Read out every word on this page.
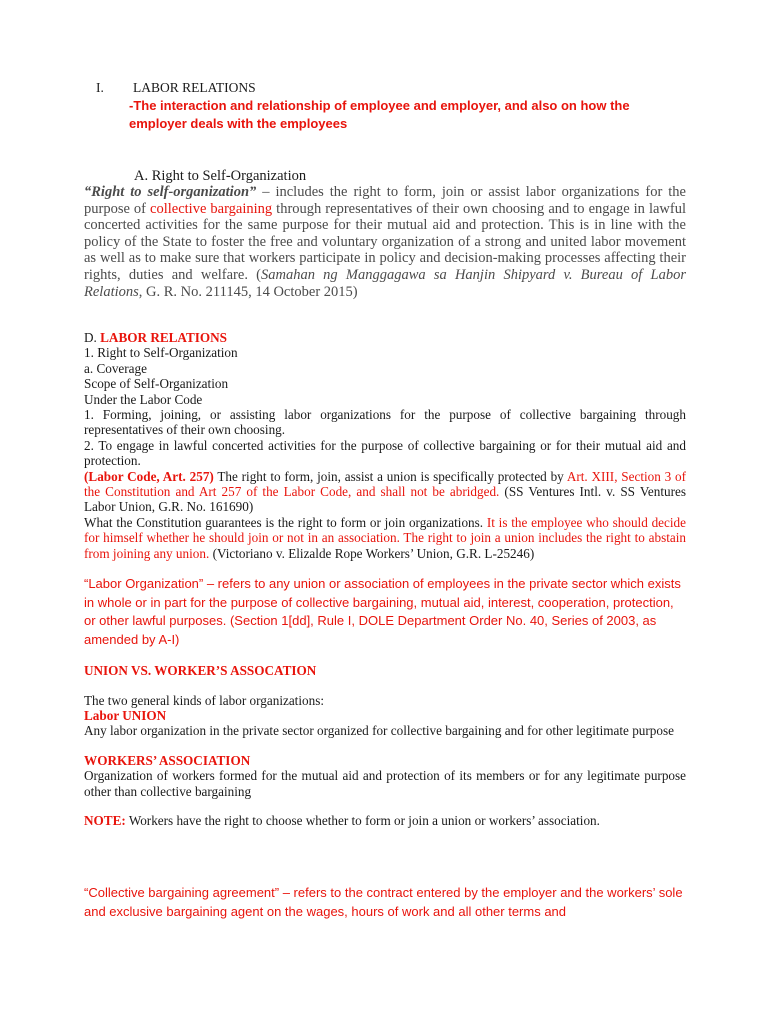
I. LABOR RELATIONS
-The interaction and relationship of employee and employer, and also on how the employer deals with the employees
A. Right to Self-Organization
“Right to self-organization” – includes the right to form, join or assist labor organizations for the purpose of collective bargaining through representatives of their own choosing and to engage in lawful concerted activities for the same purpose for their mutual aid and protection. This is in line with the policy of the State to foster the free and voluntary organization of a strong and united labor movement as well as to make sure that workers participate in policy and decision-making processes affecting their rights, duties and welfare. (Samahan ng Manggagawa sa Hanjin Shipyard v. Bureau of Labor Relations, G. R. No. 211145, 14 October 2015)
D. LABOR RELATIONS
1. Right to Self-Organization
a. Coverage
Scope of Self-Organization
Under the Labor Code
1. Forming, joining, or assisting labor organizations for the purpose of collective bargaining through representatives of their own choosing.
2. To engage in lawful concerted activities for the purpose of collective bargaining or for their mutual aid and protection.
(Labor Code, Art. 257) The right to form, join, assist a union is specifically protected by Art. XIII, Section 3 of the Constitution and Art 257 of the Labor Code, and shall not be abridged. (SS Ventures Intl. v. SS Ventures Labor Union, G.R. No. 161690)
What the Constitution guarantees is the right to form or join organizations. It is the employee who should decide for himself whether he should join or not in an association. The right to join a union includes the right to abstain from joining any union. (Victoriano v. Elizalde Rope Workers’ Union, G.R. L-25246)
“Labor Organization” – refers to any union or association of employees in the private sector which exists in whole or in part for the purpose of collective bargaining, mutual aid, interest, cooperation, protection, or other lawful purposes. (Section 1[dd], Rule I, DOLE Department Order No. 40, Series of 2003, as amended by A-I)
UNION VS. WORKER’S ASSOCATION
The two general kinds of labor organizations:
Labor UNION
Any labor organization in the private sector organized for collective bargaining and for other legitimate purpose
WORKERS’ ASSOCIATION
Organization of workers formed for the mutual aid and protection of its members or for any legitimate purpose other than collective bargaining
NOTE: Workers have the right to choose whether to form or join a union or workers’ association.
“Collective bargaining agreement” – refers to the contract entered by the employer and the workers’ sole and exclusive bargaining agent on the wages, hours of work and all other terms and
